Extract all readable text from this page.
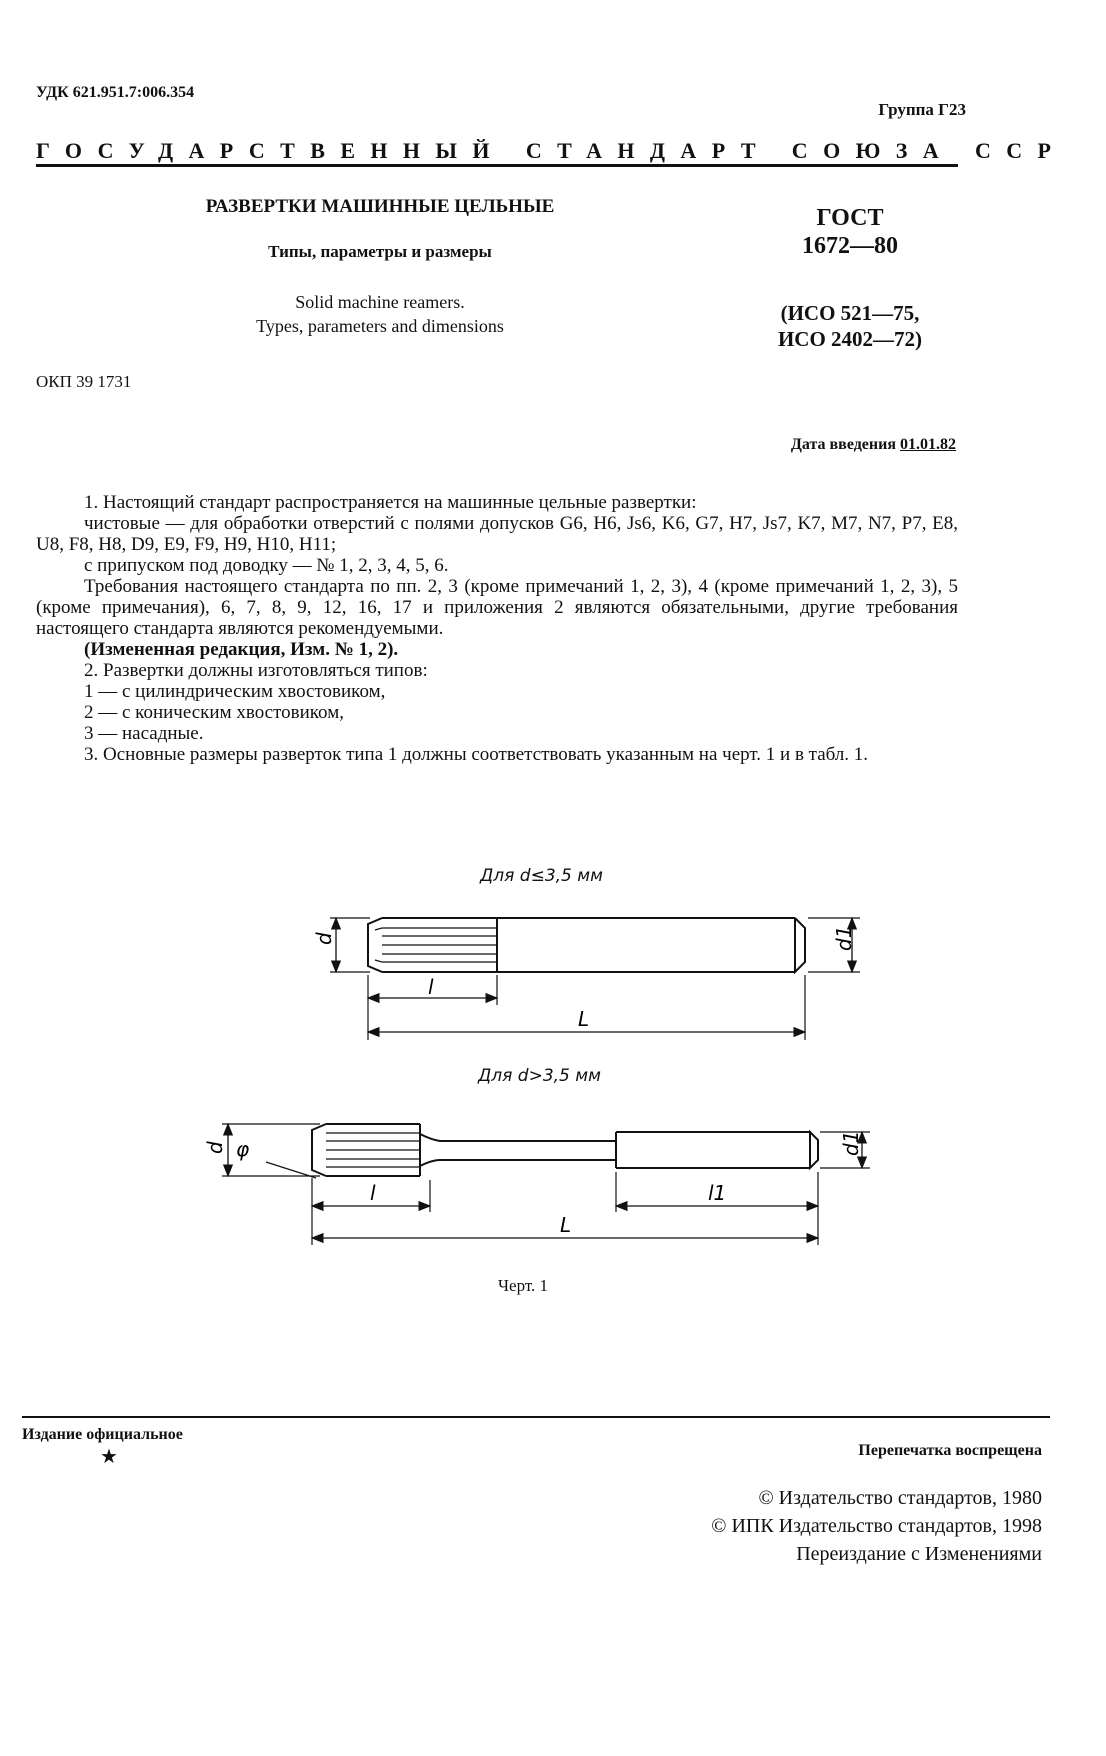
УДК 621.951.7:006.354
Группа Г23
ГОСУДАРСТВЕННЫЙ СТАНДАРТ СОЮЗА ССР
РАЗВЕРТКИ МАШИННЫЕ ЦЕЛЬНЫЕ
Типы, параметры и размеры
Solid machine reamers.
Types, parameters and dimensions
ГОСТ
1672—80
(ИСО 521—75,
ИСО 2402—72)
ОКП 39 1731
Дата введения 01.01.82

1. Настоящий стандарт распространяется на машинные цельные развертки:

чистовые — для обработки отверстий с полями допусков G6, H6, Js6, K6, G7, H7, Js7, K7, M7, N7, P7, E8, U8, F8, H8, D9, E9, F9, H9, H10, H11;

с припуском под доводку — № 1, 2, 3, 4, 5, 6.

Требования настоящего стандарта по пп. 2, 3 (кроме примечаний 1, 2, 3), 4 (кроме примечаний 1, 2, 3), 5 (кроме примечания), 6, 7, 8, 9, 12, 16, 17 и приложения 2 являются обязательными, другие требования настоящего стандарта являются рекомендуемыми.

(Измененная редакция, Изм. № 1, 2).

2. Развертки должны изготовляться типов:

1 — с цилиндрическим хвостовиком,

2 — с коническим хвостовиком,

3 — насадные.

3. Основные размеры разверток типа 1 должны соответствовать указанным на черт. 1 и в табл. 1.

Для d≤3,5 мм
Для d>3,5 мм
d	d1
l
L
d φ	d1
l	l1
L
Черт. 1
Издание официальное
★	Перепечатка воспрещена
© Издательство стандартов, 1980
© ИПК Издательство стандартов, 1998
Переиздание с Изменениями
